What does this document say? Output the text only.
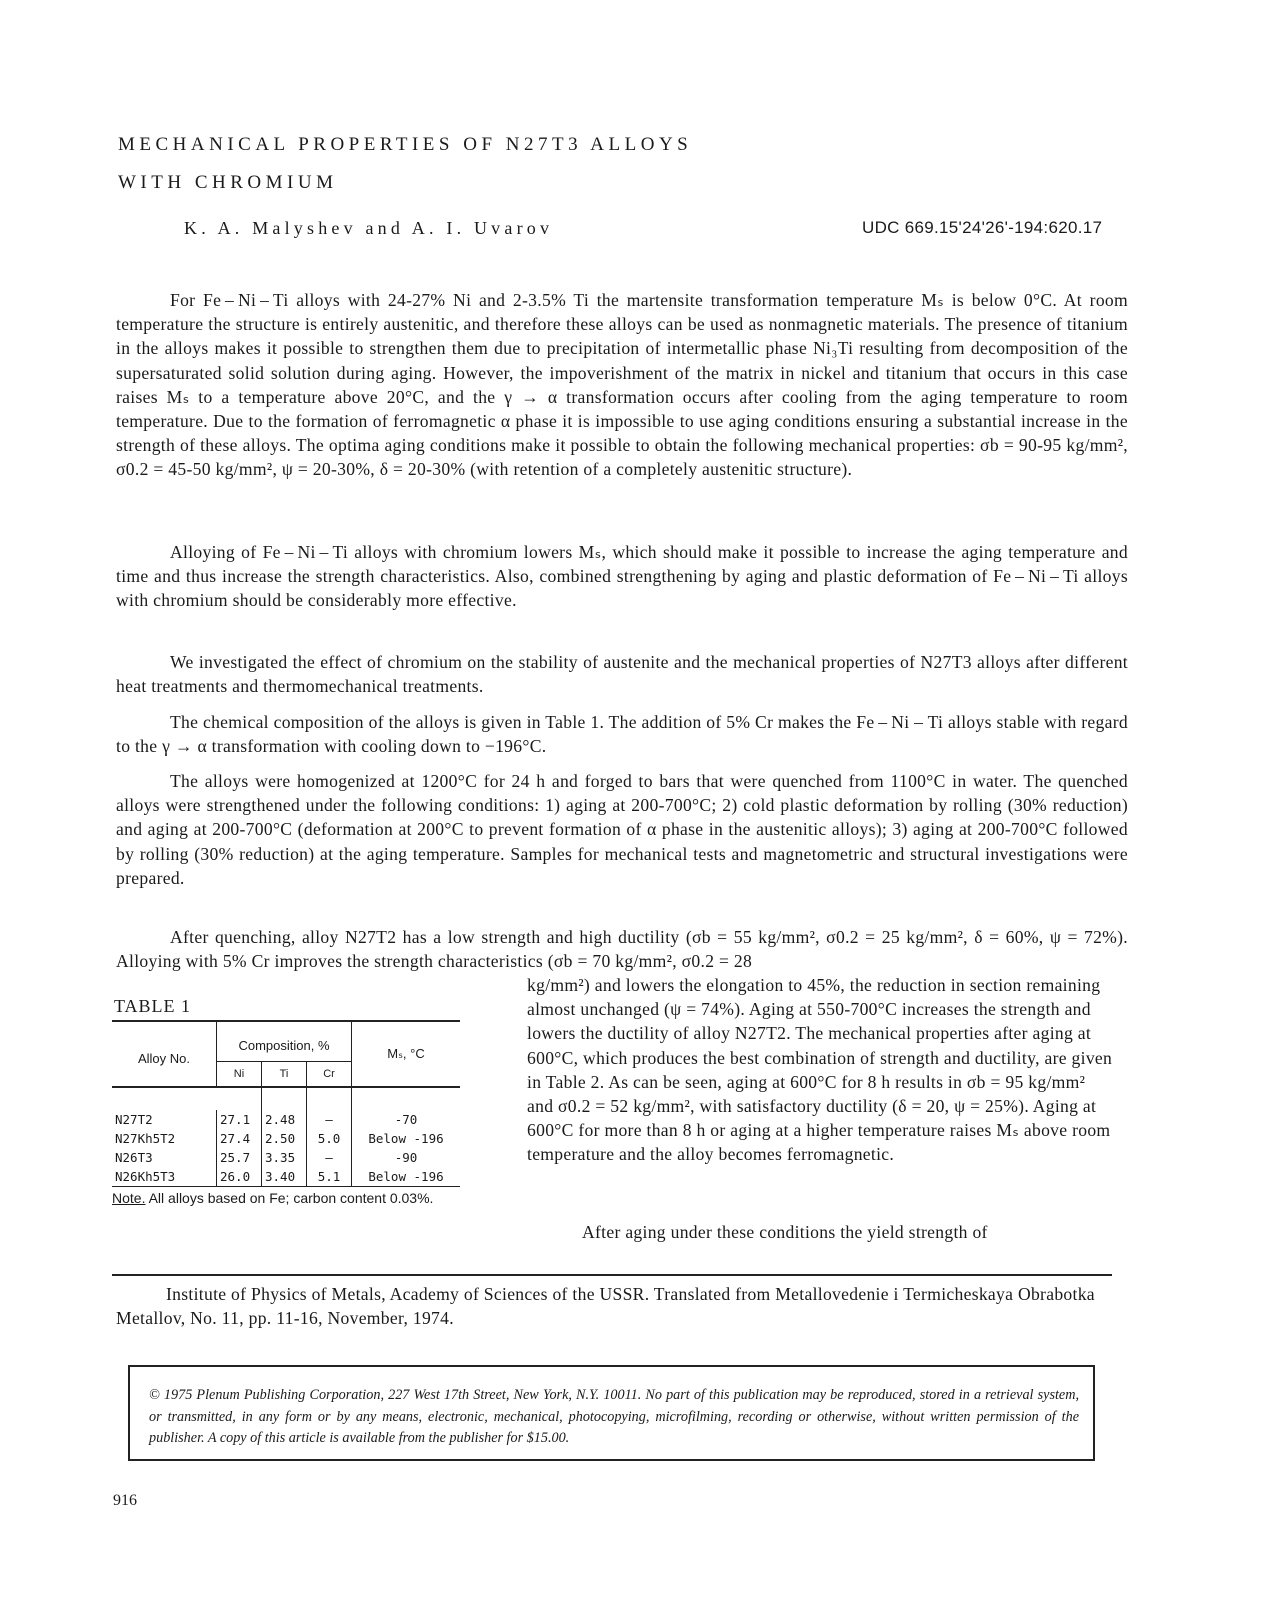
MECHANICAL PROPERTIES OF N27T3 ALLOYS
WITH CHROMIUM
K. A. Malyshev and A. I. Uvarov	UDC 669.15'24'26'-194:620.17

For Fe – Ni – Ti alloys with 24-27% Ni and 2-3.5% Ti the martensite transformation temperature Mₛ is below 0°C. At room temperature the structure is entirely austenitic, and therefore these alloys can be used as nonmagnetic materials. The presence of titanium in the alloys makes it possible to strengthen them due to precipitation of intermetallic phase Ni₃Ti resulting from decomposition of the supersaturated solid solution during aging. However, the impoverishment of the matrix in nickel and titanium that occurs in this case raises Mₛ to a temperature above 20°C, and the γ → α transformation occurs after cooling from the aging temperature to room temperature. Due to the formation of ferromagnetic α phase it is impossible to use aging conditions ensuring a substantial increase in the strength of these alloys. The optima aging conditions make it possible to obtain the following mechanical properties: σb = 90-95 kg/mm², σ0.2 = 45-50 kg/mm², ψ = 20-30%, δ = 20-30% (with retention of a completely austenitic structure).

Alloying of Fe – Ni – Ti alloys with chromium lowers Mₛ, which should make it possible to increase the aging temperature and time and thus increase the strength characteristics. Also, combined strengthening by aging and plastic deformation of Fe – Ni – Ti alloys with chromium should be considerably more effective.

We investigated the effect of chromium on the stability of austenite and the mechanical properties of N27T3 alloys after different heat treatments and thermomechanical treatments.

The chemical composition of the alloys is given in Table 1. The addition of 5% Cr makes the Fe – Ni – Ti alloys stable with regard to the γ → α transformation with cooling down to −196°C.

The alloys were homogenized at 1200°C for 24 h and forged to bars that were quenched from 1100°C in water. The quenched alloys were strengthened under the following conditions: 1) aging at 200-700°C; 2) cold plastic deformation by rolling (30% reduction) and aging at 200-700°C (deformation at 200°C to prevent formation of α phase in the austenitic alloys); 3) aging at 200-700°C followed by rolling (30% reduction) at the aging temperature. Samples for mechanical tests and magnetometric and structural investigations were prepared.

After quenching, alloy N27T2 has a low strength and high ductility (σb = 55 kg/mm², σ0.2 = 25 kg/mm², δ = 60%, ψ = 72%). Alloying with 5% Cr improves the strength characteristics (σb = 70 kg/mm², σ0.2 = 28

kg/mm²) and lowers the elongation to 45%, the reduction in section remaining almost unchanged (ψ = 74%). Aging at 550-700°C increases the strength and lowers the ductility of alloy N27T2. The mechanical properties after aging at 600°C, which produces the best combination of strength and ductility, are given in Table 2. As can be seen, aging at 600°C for 8 h results in σb = 95 kg/mm² and σ0.2 = 52 kg/mm², with satisfactory ductility (δ = 20, ψ = 25%). Aging at 600°C for more than 8 h or aging at a higher temperature raises Mₛ above room temperature and the alloy becomes ferromagnetic.

After aging under these conditions the yield strength of
TABLE 1
Alloy No.	Composition, %			Mₛ, °C
	Ni	Ti	Cr	

N27T2	27.1	2.48	–	-70
N27Kh5T2	27.4	2.50	5.0	Below -196
N26T3	25.7	3.35	–	-90
N26Kh5T3	26.0	3.40	5.1	Below -196
Note. All alloys based on Fe; carbon content 0.03%.
Institute of Physics of Metals, Academy of Sciences of the USSR. Translated from Metallovedenie i Termicheskaya Obrabotka Metallov, No. 11, pp. 11-16, November, 1974.

© 1975 Plenum Publishing Corporation, 227 West 17th Street, New York, N.Y. 10011. No part of this publication may be reproduced, stored in a retrieval system, or transmitted, in any form or by any means, electronic, mechanical, photocopying, microfilming, recording or otherwise, without written permission of the publisher. A copy of this article is available from the publisher for $15.00.

916
